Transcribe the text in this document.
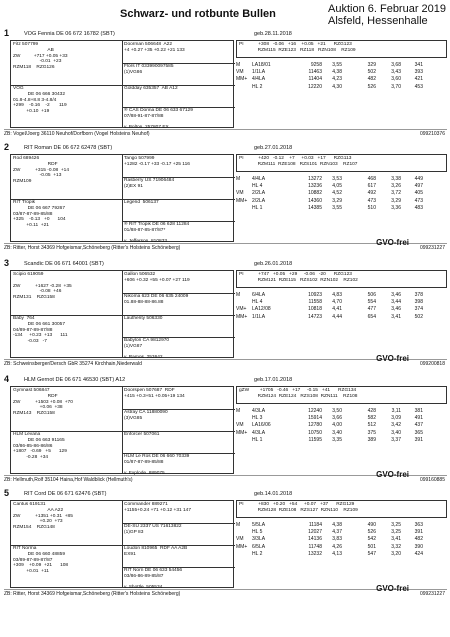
Schwarz- und rotbunte Bullen	Auktion 6. Februar 2019
Alsfeld, Hessenhalle
1	VOG Fennia DE 06 672 16782 (SBT)	geb.28.11.2018
Fitz 507799
AB
ZW          +717 +0.05 +33
-0.01  +23
RZM118    RZG126
Doorman 506648  A22
+4 +0.27 +35 +0.22 +21 133
Flors IT 033990097585
(1)VG86
VOG
DE 06 666 30432
01.8-4.8+8.8 3-4.8/4
+299    -0.16    -2       119
+0.10  +19
Goldday 635357  AB A12
® CAS Dorina DE 06 633 67129
07/88-91-87-87/88

v. Bolton  257807 EX
PI           +308   -0.06   +16    +0.05   +21      RZG123
RZM115  RZE123   RZ118   RZN108    RZ109
M	LA18/01	9258	3,55	329	3,68	341
VM	1/1LA	11463	4,38	502	3,43	393
MM+ 4/4LA	11404	4,23	482	3,60	421
HL 2	12220	4,30	526	3,70	453
ZB: Vogel/Joerg 36110 Neuhof/Dorfborn (Vogel Holsteins Neuhof)	099210376
2	RIT Roman DE 06 672 62478 (SBT)	geb.27.01.2018
Rod 689426
RDF
ZW           +315 -0.08  +14
-0.05  +13
RZM109
Tango 507999
+1282 -0.17 +33 -0.17 +25 116
Rasberry US 71906484
(2)EX 91
RIT Tropik
DE 06 667 79267
03/87-87-89-85/88
+325    -0.13   +0      104
+0.11  +21
Legend  506137
® RIT Tropik DE 06 628 11284
01/88-87-85-87/87*

v. Jefferson  810833
PI           +420   -0.12    +7     +0.03   +17      RZG113
RZM111  RZE108   RZS101  RZN103    RZ107
M	4/4LA	13272	3,53	468	3,38	449
HL 4	13236	4,05	617	3,26	497
VM	2/2LA	10882	4,52	492	3,72	405
MM+ 2/2LA	14360	3,29	473	3,29	473
HL 1	14385	3,55	510	3,36	483
ZB: Ritter, Horst 34369 Hofgeismar,Schöneberg (Ritter's Holsteins Schöneberg)
GVO-frei
099231227
3	Scandic DE 06 671 64001 (SBT)	geb.26.01.2018
Scipio 619059

ZW           +1627 -0.28  +35
-0.08  +46
RZM131    RZG158
Gallon 506532
+606 +0.32 +55 +0.07 +27 119
Nikoma 623 DE 06 635 24009
01.88-88-88-86.88
Baby  764
DE 06 661 30057
04/89-87-89-87/88
-134     +0.23  +13      111
-0.03   -7
Lautherity 506330
Babylon CA 9812970
(1)VG87

v. Ramos  253642
PI           +747   +0.05   +29     -0.06   -20      RZG123
RZM121  RZE115   RZS102  RZN102    RZ102
M	6/4LA	10923	4,83	506	3,46	378
HL 4	11558	4,70	554	3,44	398
VM+	LA12/08	10818	4,41	477	3,46	374
MM+ 1/1LA	14723	4,44	654	3,41	502
ZB: Schweinsberger/Dersch GbR 35274 Kirchhain,Niederwald
GVO-frei
099200818
4	HLM Gernot DE 06 671 46530 (SBT) A12	geb.17.01.2018
Gymnast 506847
RDF
ZW           +1503 +0.08  +70
+0.06  +38
RZM143    RZG158
Doorspen 507687  RDF
+415 +0.3+51 +0.05+19 134
Astray CA 11880090
(3)VG85
HLM Levana
DE 06 663 91165
03/86-85-86-86/86
+1807   -0.69   +5      129
-0.28  +34
Enforcer 507061
HLM Le Ros DE 06 660 70339
01/87-87-89-85/88

v. Explode  889075
gZW        +1705   -0.46   +17     -0.15   +41      RZG134
RZM124  RZE124   RZS108  RZN111    RZ108
M	4/3LA	12240	3,50	428	3,11	381
HL 3	15914	3,66	582	3,09	491
VM	LA16/06	12780	4,00	512	3,42	437
MM+ 4/3LA	10750	3,40	375	3,40	365
HL 1	11595	3,35	389	3,37	391
ZB: Hellmuth,Rolf 35104 Haina,Hof Waldblick (Hellmuth's)
GVO-frei
099160885
5	RIT Cord DE 06 671 62476 (SBT)	geb.14.01.2018
Cantus 619131
AA A22
ZW           +1351 +0.31  +85
+0.20  +73
RZM154    RZG148
Commander 889271
+1155+0.24 +71 +0.12 +31 147
DE-SU 2337 US 71613822
(1)GP 83
RIT Norma
DE 06 660 48859
03/89-87-89-87/87
+309    +0.09  +21      108
+0.01  +11
Loudon 810965  RDF AA A2B
EX91
RIT Norn DE 06 633 54456
03/86-86-89-85/87

v. Shottle  505534
PI           +830   +0.20   +54     +0.07   +37      RZG129
RZM128  RZE108   RZS127  RZN110    RZ109
M	5/5LA	11184	4,38	490	3,25	363
HL 5	12027	4,37	526	3,25	391
VM	3/3LA	14136	3,83	542	3,41	482
MM+ 6/5LA	11748	4,26	501	3,32	390
HL 2	13232	4,13	547	3,20	424
ZB: Ritter, Horst 34369 Hofgeismar,Schöneberg (Ritter's Holsteins Schöneberg)
GVO-frei
099231227
